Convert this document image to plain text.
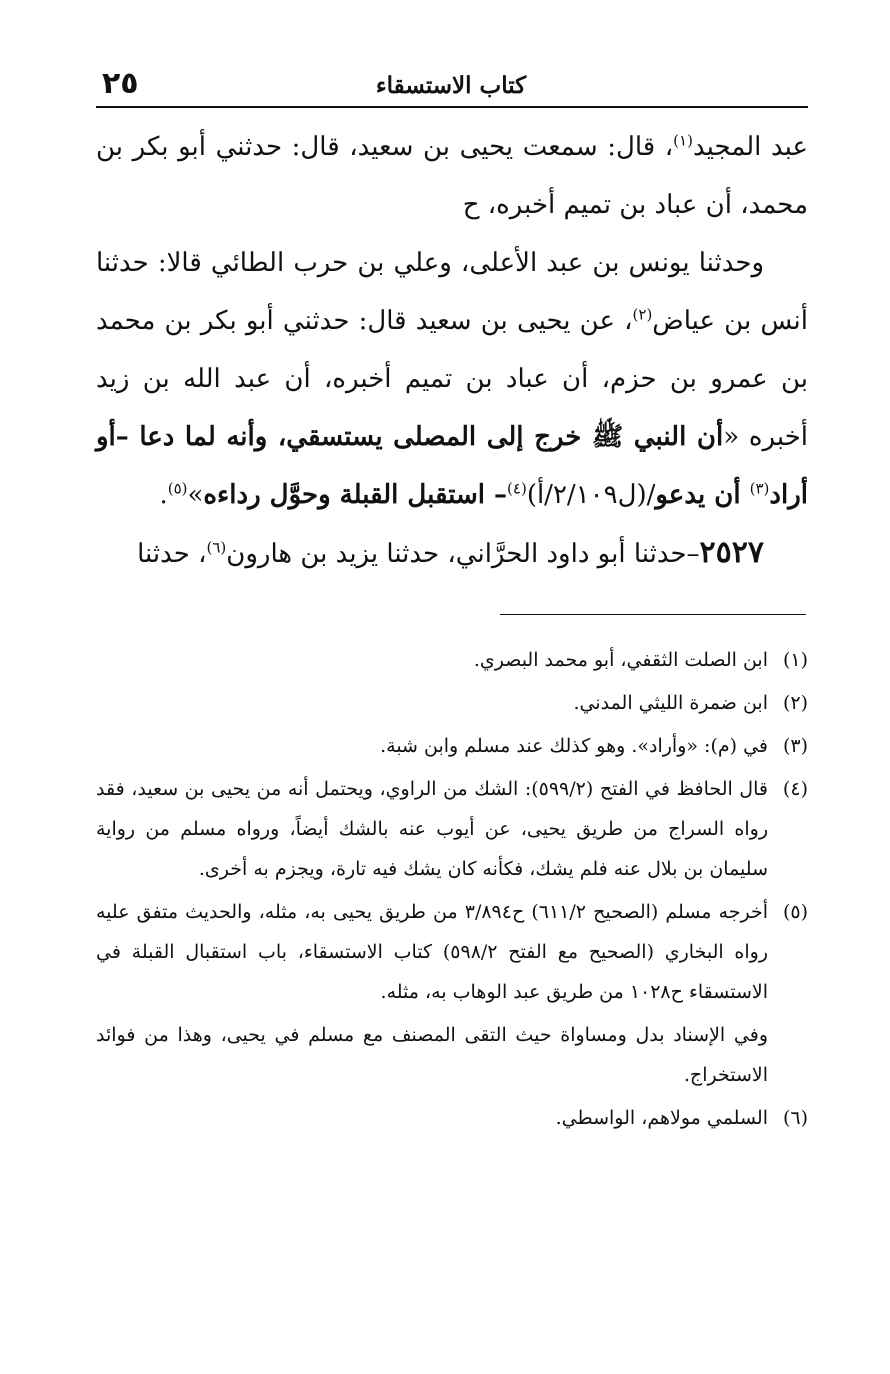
٢٥	كتاب الاستسقاء

عبد المجيد$^{(١)}$، قال: سمعت يحيى بن سعيد، قال: حدثني أبو بكر بن محمد، أن عباد بن تميم أخبره، ح

وحدثنا يونس بن عبد الأعلى، وعلي بن حرب الطائي قالا: حدثنا أنس بن عياض$^{(٢)}$، عن يحيى بن سعيد قال: حدثني أبو بكر بن محمد بن عمرو بن حزم، أن عباد بن تميم أخبره، أن عبد الله بن زيد أخبره «أن النبي ﷺ خرج إلى المصلى يستسقي، وأنه لما دعا –أو أراد$^{(٣)}$ أن يدعو/(ل٢/١٠٩/أ)$^{(٤)}$– استقبل القبلة وحوَّل رداءه»$^{(٥)}$.

٢٥٢٧–حدثنا أبو داود الحرَّاني، حدثنا يزيد بن هارون$^{(٦)}$، حدثنا

(١)ابن الصلت الثقفي، أبو محمد البصري.

(٢)ابن ضمرة الليثي المدني.

(٣)في (م): «وأراد». وهو كذلك عند مسلم وابن شبة.

(٤)قال الحافظ في الفتح (٥٩٩/٢): الشك من الراوي، ويحتمل أنه من يحيى بن سعيد، فقد رواه السراج من طريق يحيى، عن أيوب عنه بالشك أيضاً، ورواه مسلم من رواية سليمان بن بلال عنه فلم يشك، فكأنه كان يشك فيه تارة، ويجزم به أخرى.

(٥)أخرجه مسلم (الصحيح ٦١١/٢) ح٣/٨٩٤ من طريق يحيى به، مثله، والحديث متفق عليه رواه البخاري (الصحيح مع الفتح ٥٩٨/٢) كتاب الاستسقاء، باب استقبال القبلة في الاستسقاء ح١٠٢٨ من طريق عبد الوهاب به، مثله.

وفي الإسناد بدل ومساواة حيث التقى المصنف مع مسلم في يحيى، وهذا من فوائد الاستخراج.

(٦)السلمي مولاهم، الواسطي.
